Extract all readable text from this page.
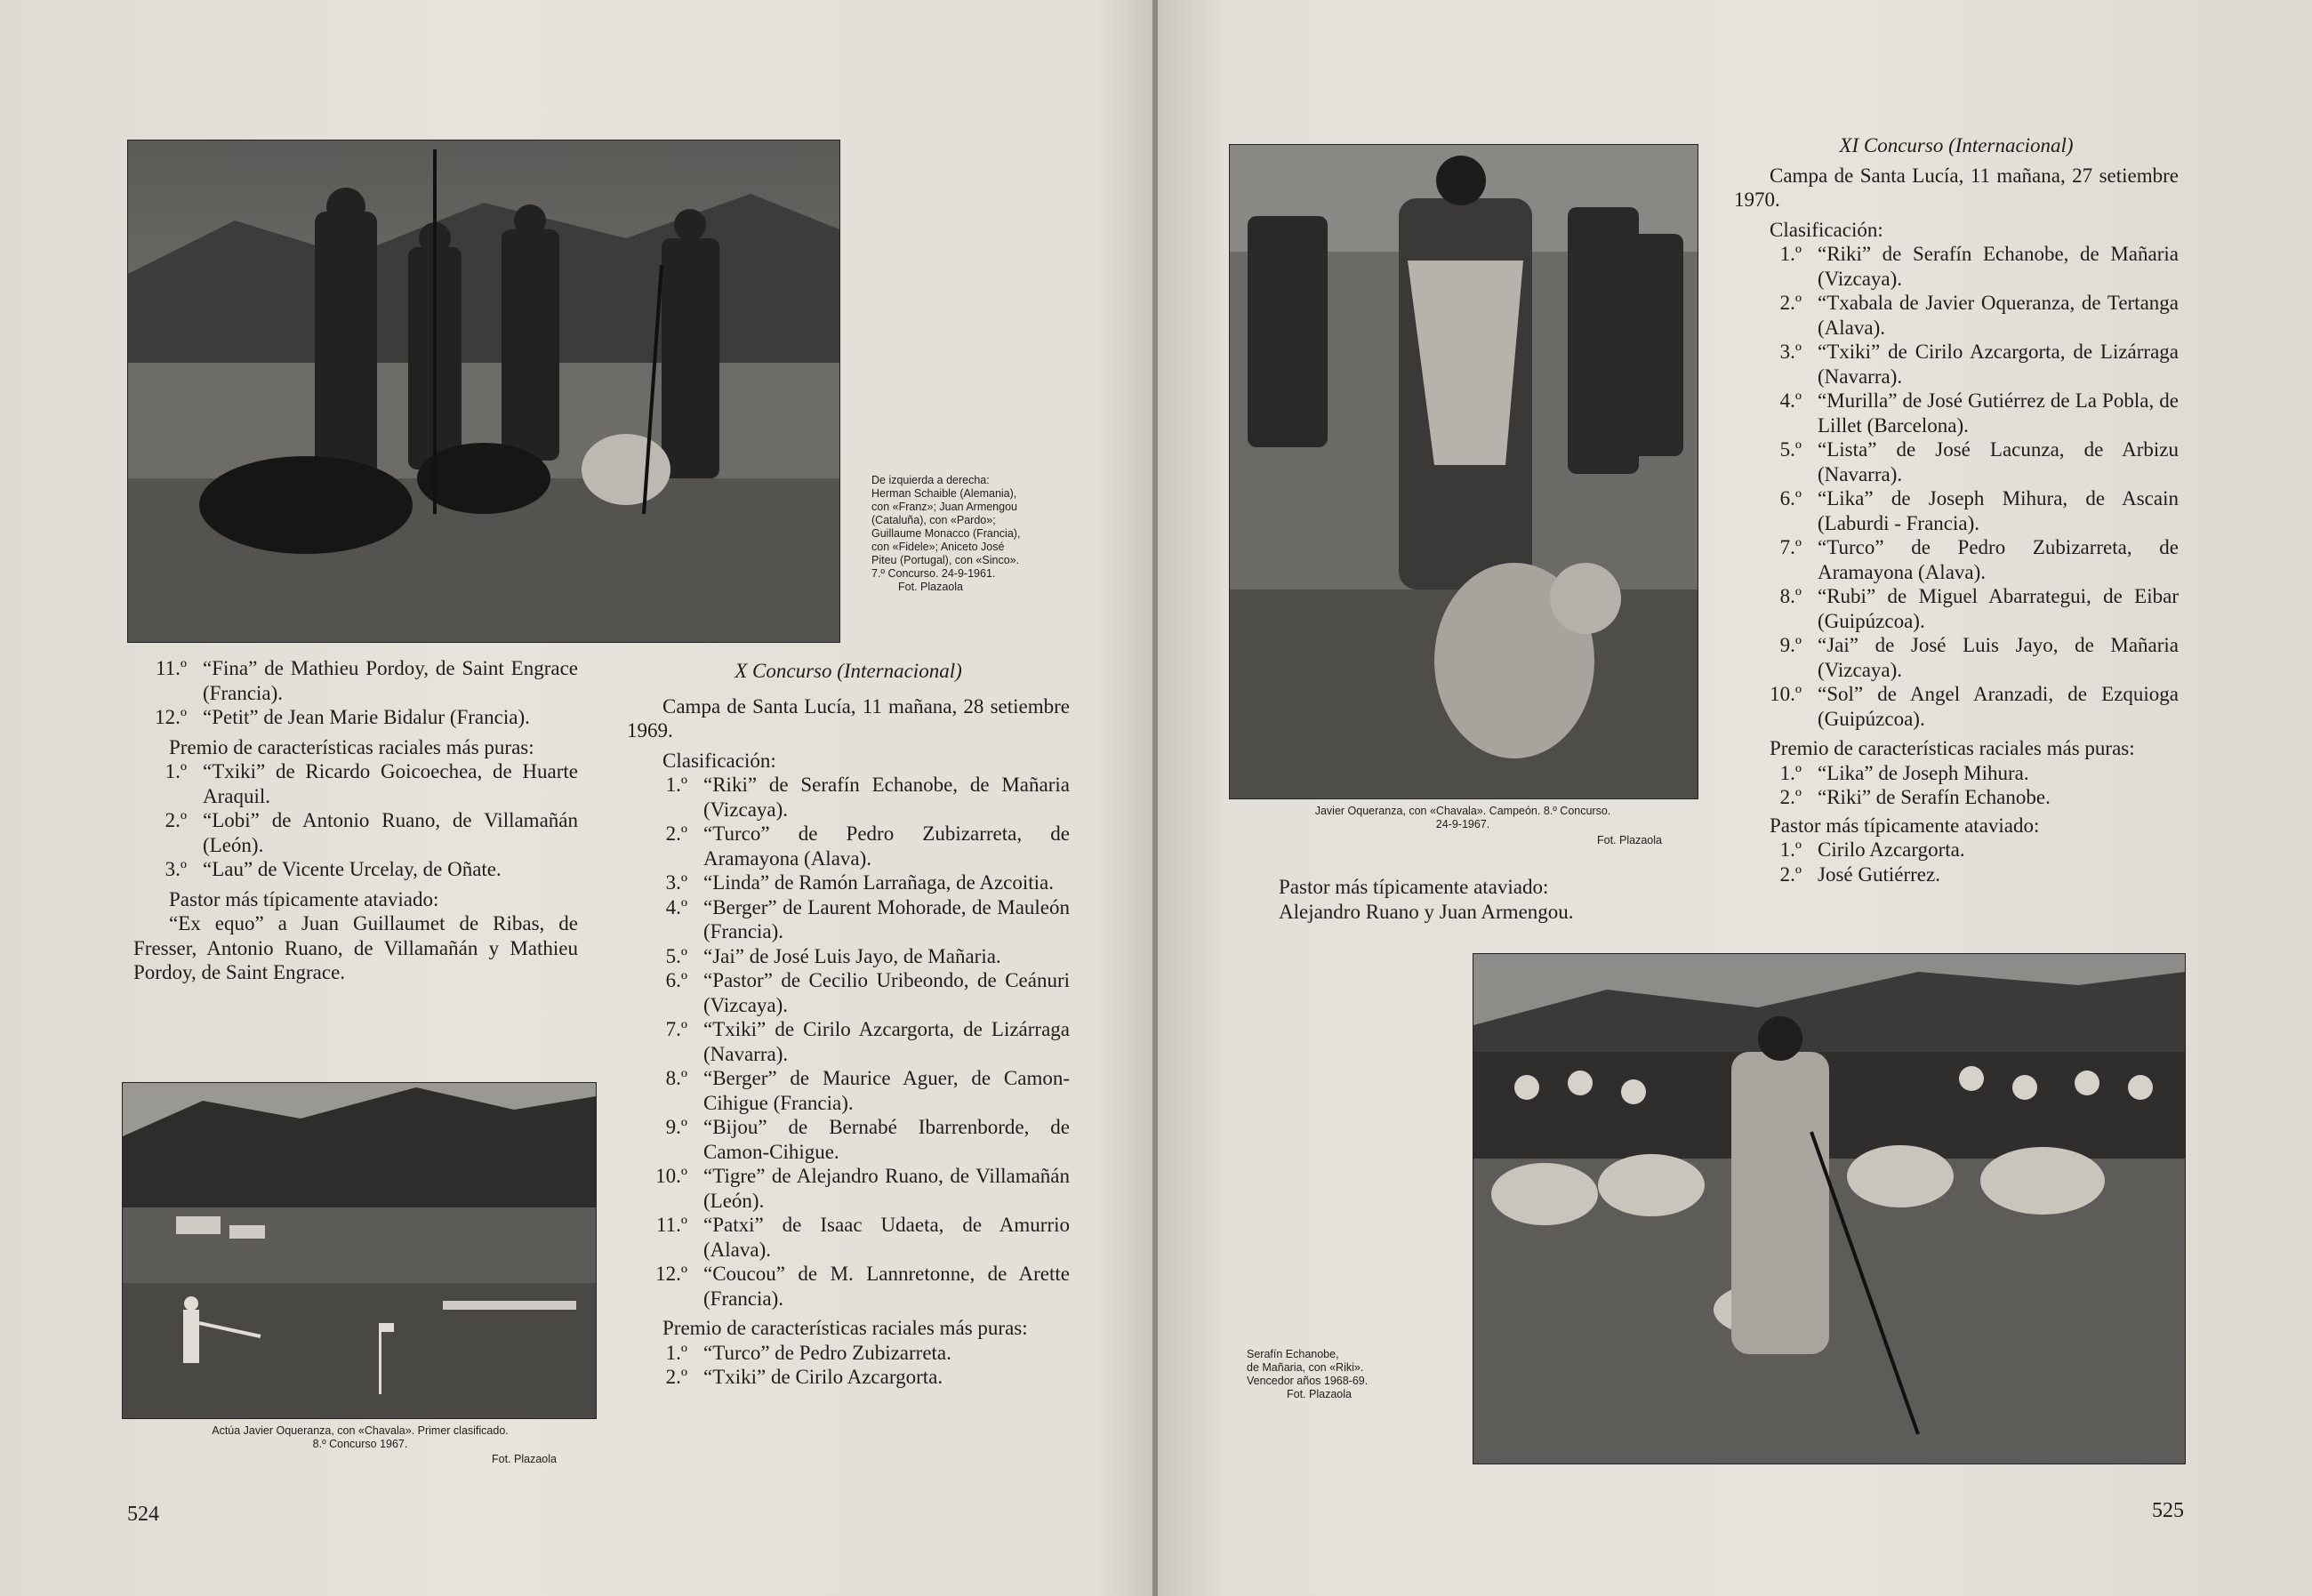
De izquierda a derecha:
Herman Schaible (Alemania),
con «Franz»; Juan Armengou
(Cataluña), con «Pardo»;
Guillaume Monacco (Francia),
con «Fidele»; Aniceto José
Piteu (Portugal), con «Sinco».
7.º Concurso. 24-9-1961.
Fot. Plazaola
11.º “Fina” de Mathieu Pordoy, de Saint Engrace (Francia).
12.º “Petit” de Jean Marie Bidalur (Francia).

Premio de características raciales más puras:

1.º “Txiki” de Ricardo Goicoechea, de Huarte Araquil.
2.º “Lobi” de Antonio Ruano, de Villamañán (León).
3.º “Lau” de Vicente Urcelay, de Oñate.

Pastor más típicamente ataviado:

“Ex equo” a Juan Guillaumet de Ribas, de Fresser, Antonio Ruano, de Villamañán y Mathieu Pordoy, de Saint Engrace.

Actúa Javier Oqueranza, con «Chavala». Primer clasificado.
8.º Concurso 1967.
Fot. Plazaola

X Concurso (Internacional)

Campa de Santa Lucía, 11 mañana, 28 setiembre 1969.

Clasificación:

1.º “Riki” de Serafín Echanobe, de Mañaria (Vizcaya).
2.º “Turco” de Pedro Zubizarreta, de Aramayona (Alava).
3.º “Linda” de Ramón Larrañaga, de Azcoitia.
4.º “Berger” de Laurent Mohorade, de Mauleón (Francia).
5.º “Jai” de José Luis Jayo, de Mañaria.
6.º “Pastor” de Cecilio Uribeondo, de Ceánuri (Vizcaya).
7.º “Txiki” de Cirilo Azcargorta, de Lizárraga (Navarra).
8.º “Berger” de Maurice Aguer, de Camon-Cihigue (Francia).
9.º “Bijou” de Bernabé Ibarrenborde, de Camon-Cihigue.
10.º “Tigre” de Alejandro Ruano, de Villamañán (León).
11.º “Patxi” de Isaac Udaeta, de Amurrio (Alava).
12.º “Coucou” de M. Lannretonne, de Arette (Francia).

Premio de características raciales más puras:

1.º “Turco” de Pedro Zubizarreta.
2.º “Txiki” de Cirilo Azcargorta.
524
Javier Oqueranza, con «Chavala». Campeón. 8.º Concurso.
24-9-1967.
Fot. Plazaola

Pastor más típicamente ataviado:

Alejandro Ruano y Juan Armengou.

XI Concurso (Internacional)

Campa de Santa Lucía, 11 mañana, 27 setiembre 1970.

Clasificación:

1.º “Riki” de Serafín Echanobe, de Mañaria (Vizcaya).
2.º “Txabala de Javier Oqueranza, de Tertanga (Alava).
3.º “Txiki” de Cirilo Azcargorta, de Lizárraga (Navarra).
4.º “Murilla” de José Gutiérrez de La Pobla, de Lillet (Barcelona).
5.º “Lista” de José Lacunza, de Arbizu (Navarra).
6.º “Lika” de Joseph Mihura, de Ascain (Laburdi - Francia).
7.º “Turco” de Pedro Zubizarreta, de Aramayona (Alava).
8.º “Rubi” de Miguel Abarrategui, de Eibar (Guipúzcoa).
9.º “Jai” de José Luis Jayo, de Mañaria (Vizcaya).
10.º “Sol” de Angel Aranzadi, de Ezquioga (Guipúzcoa).

Premio de características raciales más puras:

1.º “Lika” de Joseph Mihura.
2.º “Riki” de Serafín Echanobe.

Pastor más típicamente ataviado:

1.º Cirilo Azcargorta.
2.º José Gutiérrez.
Serafín Echanobe,
de Mañaria, con «Riki».
Vencedor años 1968-69.
Fot. Plazaola
525
